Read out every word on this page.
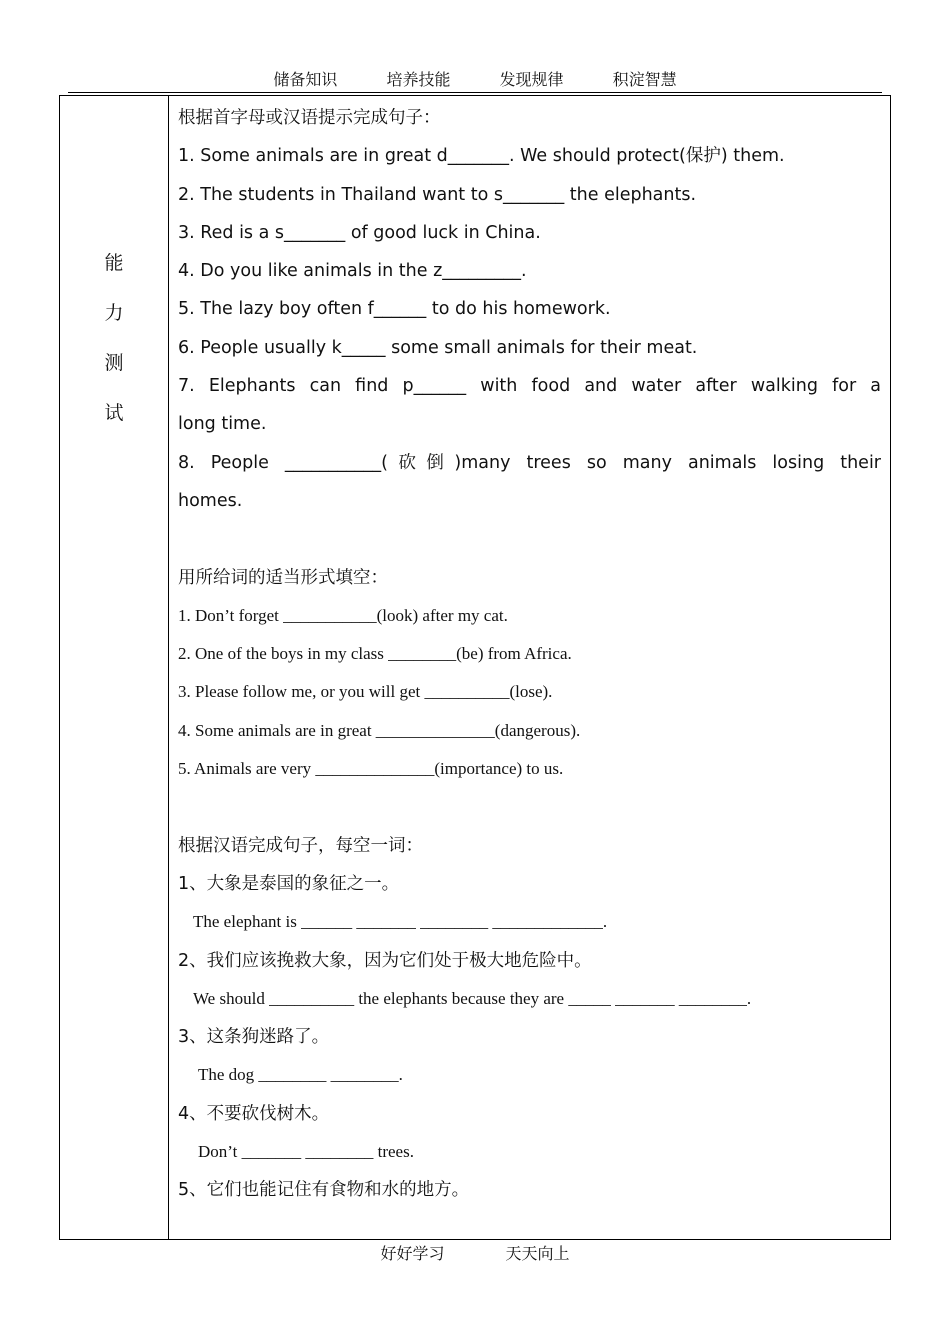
储备知识	培养技能	发现规律	积淀智慧
能
力
测
试
根据首字母或汉语提示完成句子：
1. Some animals are in great d_______. We should protect(保护) them.
2. The students in Thailand want to s_______ the elephants.
3. Red is a s_______ of good luck in China.
4. Do you like animals in the z_________.
5. The lazy boy often f______ to do his homework.
6. People usually k_____ some small animals for their meat.
7. Elephants can find p______ with food and water after walking for a
long time.
8. People ___________(砍倒)many trees so many animals losing their
homes.
用所给词的适当形式填空：
1. Don’t forget ___________(look) after my cat.
2. One of the boys in my class ________(be) from Africa.
3. Please follow me, or you will get __________(lose).
4. Some animals are in great ______________(dangerous).
5. Animals are very ______________(importance) to us.
根据汉语完成句子，每空一词：
1、大象是泰国的象征之一。
The elephant is ______ _______ ________ _____________.
2、我们应该挽救大象，因为它们处于极大地危险中。
We should __________ the elephants because they are _____ _______ ________.
3、这条狗迷路了。
The dog ________ ________.
4、不要砍伐树木。
Don’t _______ ________ trees.
5、它们也能记住有食物和水的地方。
好好学习	天天向上
